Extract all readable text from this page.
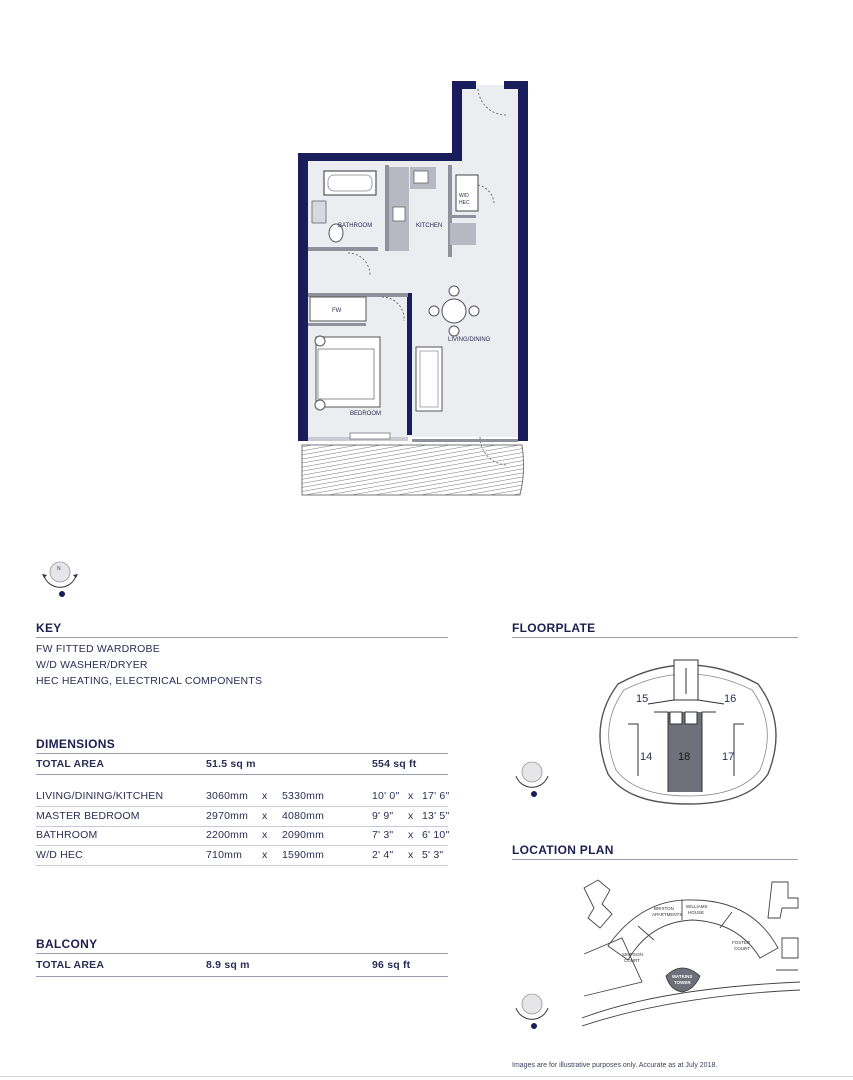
BATHROOM	KITCHEN
W/D
HEC
FW
LIVING/DINING
BEDROOM
N
KEY
FW FITTED WARDROBE
W/D WASHER/DRYER
HEC HEATING, ELECTRICAL COMPONENTS
DIMENSIONS
TOTAL AREA	51.5 sq m	554 sq ft
LIVING/DINING/KITCHEN	3060mm x 5330mm	10' 0" x 17' 6"
MASTER BEDROOM	2970mm x 4080mm	9' 9" x 13' 5"
BATHROOM	2200mm x 2090mm	7' 3" x 6' 10"
W/D HEC	710mm x 1590mm	2' 4" x 5' 3"
BALCONY
TOTAL AREA	8.9 sq m	96 sq ft
FLOORPLATE
15	16
14 18	17
LOCATION PLAN
BRIXTON
APARTMENTS
WILLIAMS
HOUSE
SIMPSON
COURT
FOSTER
COURT
WATKINS
TOWER
Images are for illustrative purposes only. Accurate as at July 2018.
